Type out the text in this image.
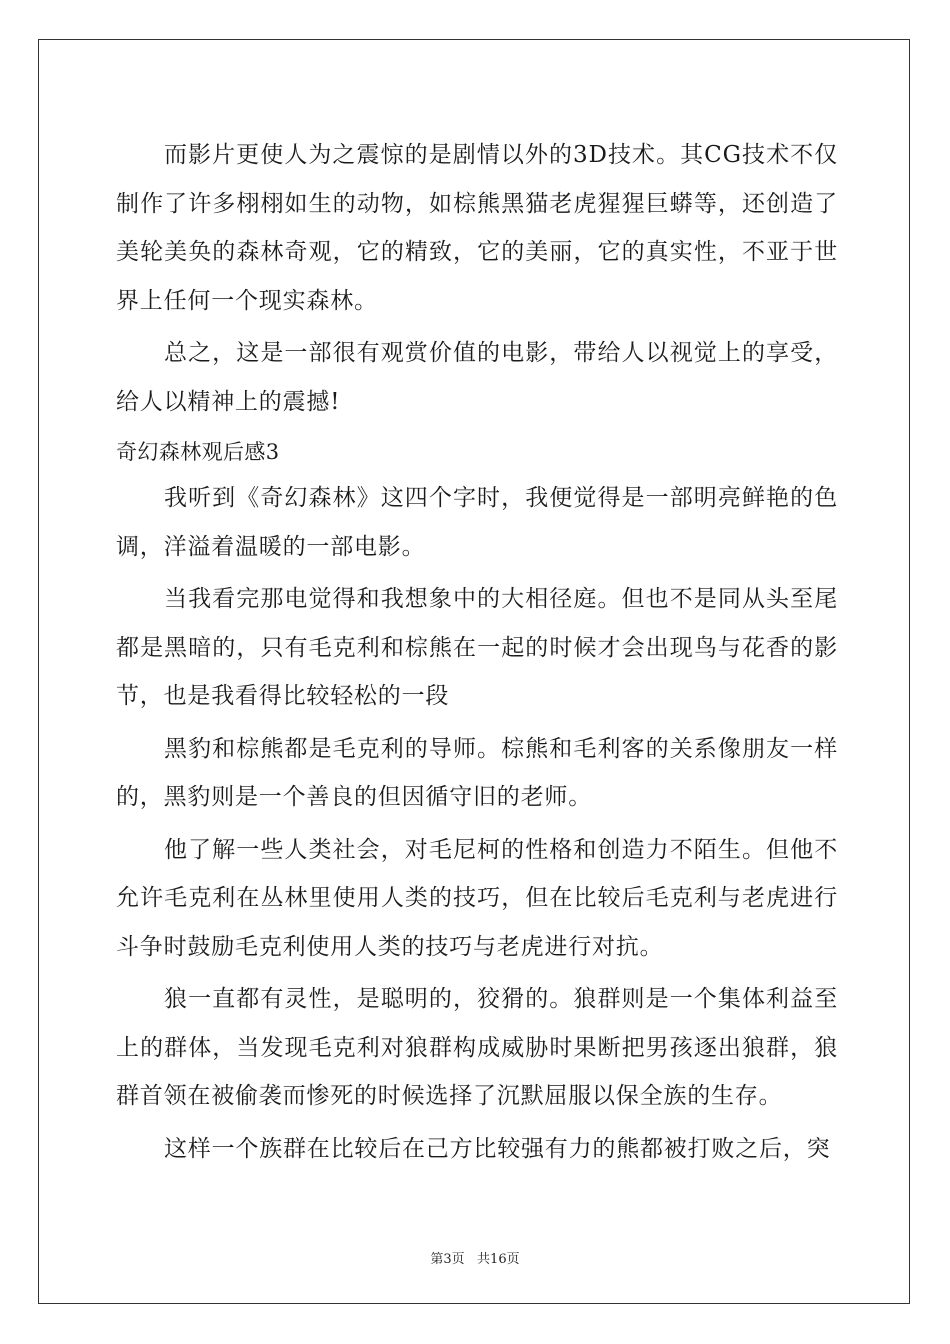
而影片更使人为之震惊的是剧情以外的3D技术。其CG技术不仅制作了许多栩栩如生的动物，如棕熊黑猫老虎猩猩巨蟒等，还创造了美轮美奂的森林奇观，它的精致，它的美丽，它的真实性，不亚于世界上任何一个现实森林。

总之，这是一部很有观赏价值的电影，带给人以视觉上的享受，给人以精神上的震撼!

奇幻森林观后感3

我听到《奇幻森林》这四个字时，我便觉得是一部明亮鲜艳的色调，洋溢着温暖的一部电影。

当我看完那电觉得和我想象中的大相径庭。但也不是同从头至尾都是黑暗的，只有毛克利和棕熊在一起的时候才会出现鸟与花香的影节，也是我看得比较轻松的一段

黑豹和棕熊都是毛克利的导师。棕熊和毛利客的关系像朋友一样的，黑豹则是一个善良的但因循守旧的老师。

他了解一些人类社会，对毛尼柯的性格和创造力不陌生。但他不允许毛克利在丛林里使用人类的技巧，但在比较后毛克利与老虎进行斗争时鼓励毛克利使用人类的技巧与老虎进行对抗。

狼一直都有灵性，是聪明的，狡猾的。狼群则是一个集体利益至上的群体，当发现毛克利对狼群构成威胁时果断把男孩逐出狼群，狼群首领在被偷袭而惨死的时候选择了沉默屈服以保全族的生存。

这样一个族群在比较后在己方比较强有力的熊都被打败之后，突

第3页   共16页
